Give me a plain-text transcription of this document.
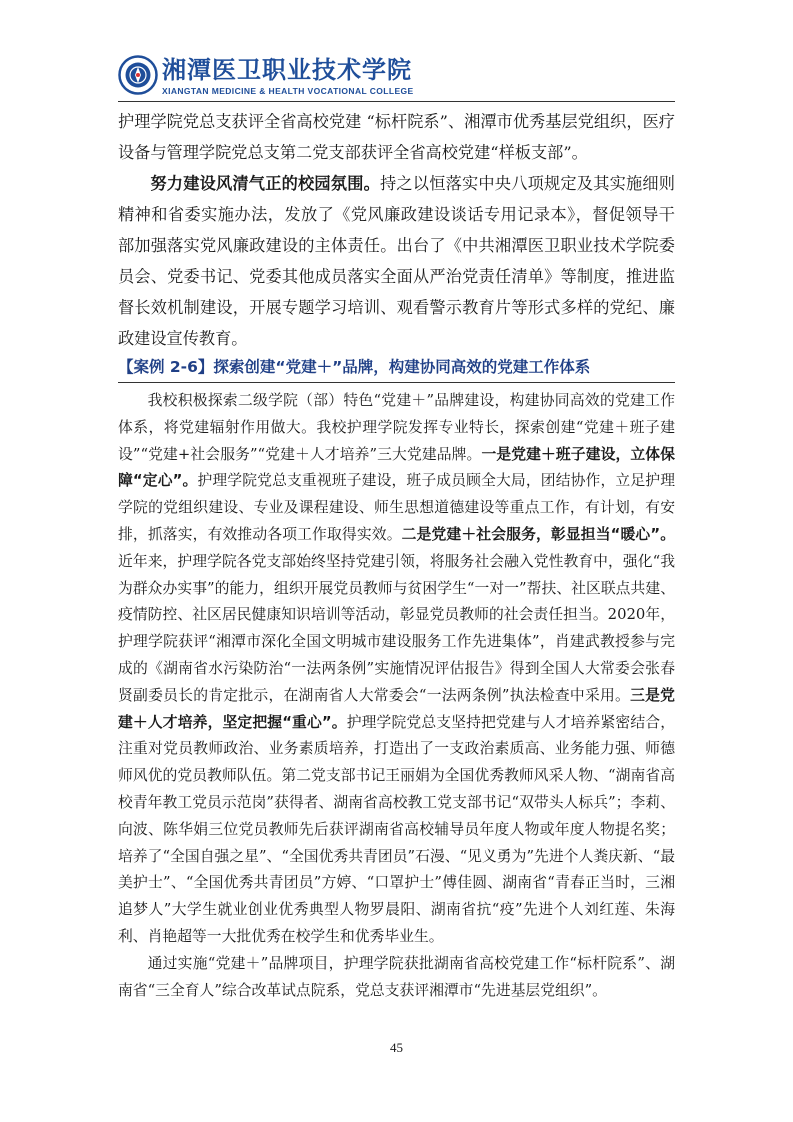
湘潭医卫职业技术学院
XIANGTAN MEDICINE & HEALTH VOCATIONAL COLLEGE

护理学院党总支获评全省高校党建 “标杆院系”、湘潭市优秀基层党组织，医疗设备与管理学院党总支第二党支部获评全省高校党建“样板支部”。

努力建设风清气正的校园氛围。持之以恒落实中央八项规定及其实施细则精神和省委实施办法，发放了《党风廉政建设谈话专用记录本》，督促领导干部加强落实党风廉政建设的主体责任。出台了《中共湘潭医卫职业技术学院委员会、党委书记、党委其他成员落实全面从严治党责任清单》等制度，推进监督长效机制建设，开展专题学习培训、观看警示教育片等形式多样的党纪、廉政建设宣传教育。

【案例 2-6】探索创建“党建＋”品牌，构建协同高效的党建工作体系

我校积极探索二级学院（部）特色“党建＋”品牌建设，构建协同高效的党建工作体系，将党建辐射作用做大。我校护理学院发挥专业特长，探索创建“党建＋班子建设”“党建+社会服务”“党建＋人才培养”三大党建品牌。一是党建＋班子建设，立体保障“定心”。护理学院党总支重视班子建设，班子成员顾全大局，团结协作，立足护理学院的党组织建设、专业及课程建设、师生思想道德建设等重点工作，有计划，有安排，抓落实，有效推动各项工作取得实效。二是党建＋社会服务，彰显担当“暖心”。近年来，护理学院各党支部始终坚持党建引领，将服务社会融入党性教育中，强化“我为群众办实事”的能力，组织开展党员教师与贫困学生“一对一”帮扶、社区联点共建、疫情防控、社区居民健康知识培训等活动，彰显党员教师的社会责任担当。2020年，护理学院获评“湘潭市深化全国文明城市建设服务工作先进集体”，肖建武教授参与完成的《湖南省水污染防治“一法两条例”实施情况评估报告》得到全国人大常委会张春贤副委员长的肯定批示，在湖南省人大常委会“一法两条例”执法检查中采用。三是党建＋人才培养，坚定把握“重心”。护理学院党总支坚持把党建与人才培养紧密结合，注重对党员教师政治、业务素质培养，打造出了一支政治素质高、业务能力强、师德师风优的党员教师队伍。第二党支部书记王丽娟为全国优秀教师风采人物、“湖南省高校青年教工党员示范岗”获得者、湖南省高校教工党支部书记“双带头人标兵”；李莉、向波、陈华娟三位党员教师先后获评湖南省高校辅导员年度人物或年度人物提名奖；培养了“全国自强之星”、“全国优秀共青团员”石漫、“见义勇为”先进个人粪庆新、“最美护士”、“全国优秀共青团员”方婷、“口罩护士”傅佳圆、湖南省“青春正当时，三湘追梦人”大学生就业创业优秀典型人物罗晨阳、湖南省抗“疫”先进个人刘红莲、朱海利、肖艳超等一大批优秀在校学生和优秀毕业生。

通过实施“党建＋”品牌项目，护理学院获批湖南省高校党建工作“标杆院系”、湖南省“三全育人”综合改革试点院系，党总支获评湘潭市“先进基层党组织”。

45
